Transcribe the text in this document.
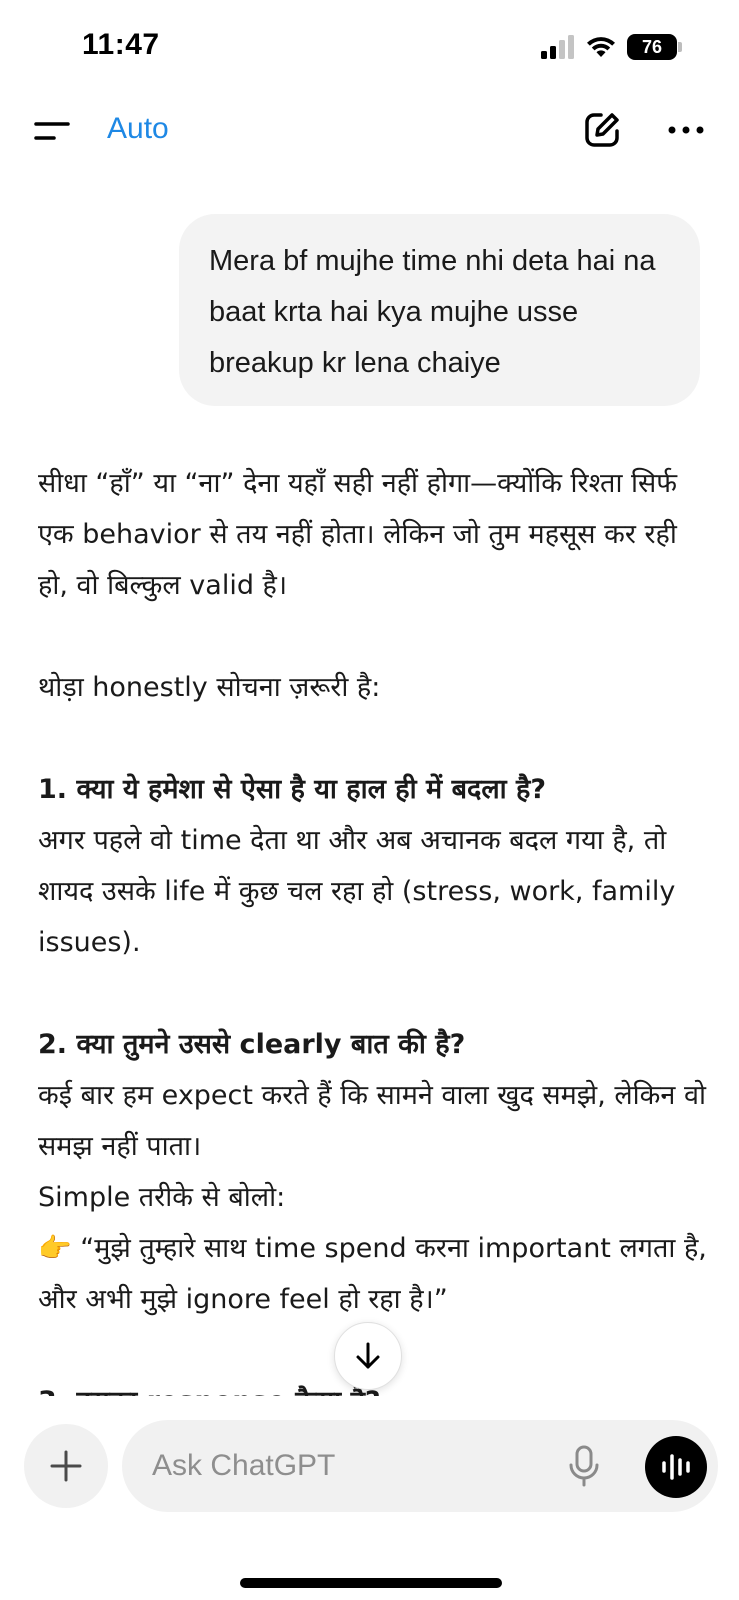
11:47	76
Auto
Mera bf mujhe time nhi deta hai na baat krta hai kya mujhe usse breakup kr lena chaiye

सीधा “हाँ” या “ना” देना यहाँ सही नहीं होगा—क्योंकि रिश्ता सिर्फ एक behavior से तय नहीं होता। लेकिन जो तुम महसूस कर रही हो, वो बिल्कुल valid है।

थोड़ा honestly सोचना ज़रूरी है:

1. क्या ये हमेशा से ऐसा है या हाल ही में बदला है?

अगर पहले वो time देता था और अब अचानक बदल गया है, तो शायद उसके life में कुछ चल रहा हो (stress, work, family issues).

2. क्या तुमने उससे clearly बात की है?

कई बार हम expect करते हैं कि सामने वाला खुद समझे, लेकिन वो समझ नहीं पाता।

Simple तरीके से बोलो:

👉 “मुझे तुम्हारे साथ time spend करना important लगता है, और अभी मुझे ignore feel हो रहा है।”

Ask ChatGPT
